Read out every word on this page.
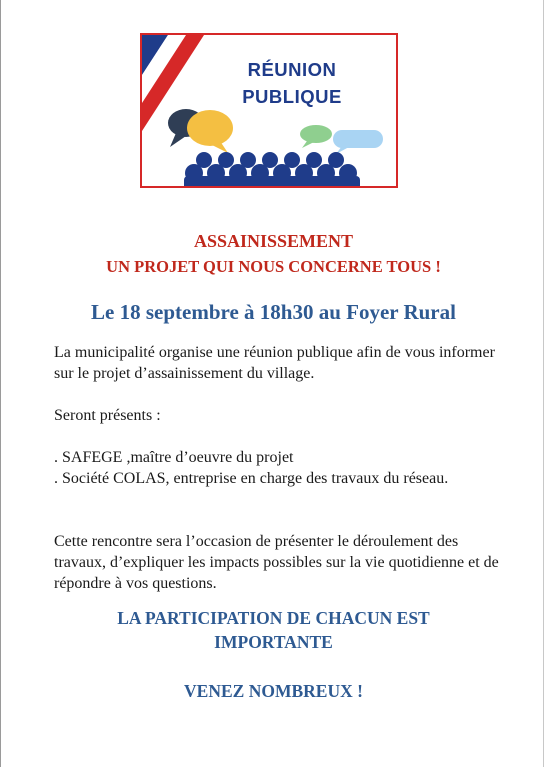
RÉUNION
PUBLIQUE
ASSAINISSEMENT
UN PROJET QUI NOUS CONCERNE TOUS !
Le 18 septembre à 18h30 au Foyer Rural
La municipalité organise une réunion publique afin de vous informer sur le projet d’assainissement du village.
Seront présents :
. SAFEGE ,maître d’oeuvre du projet
. Société COLAS, entreprise en charge des travaux du réseau.
Cette rencontre sera l’occasion de présenter le déroulement des travaux, d’expliquer les impacts possibles sur la vie quotidienne et de répondre à vos questions.
LA PARTICIPATION DE CHACUN EST IMPORTANTE
VENEZ NOMBREUX !
